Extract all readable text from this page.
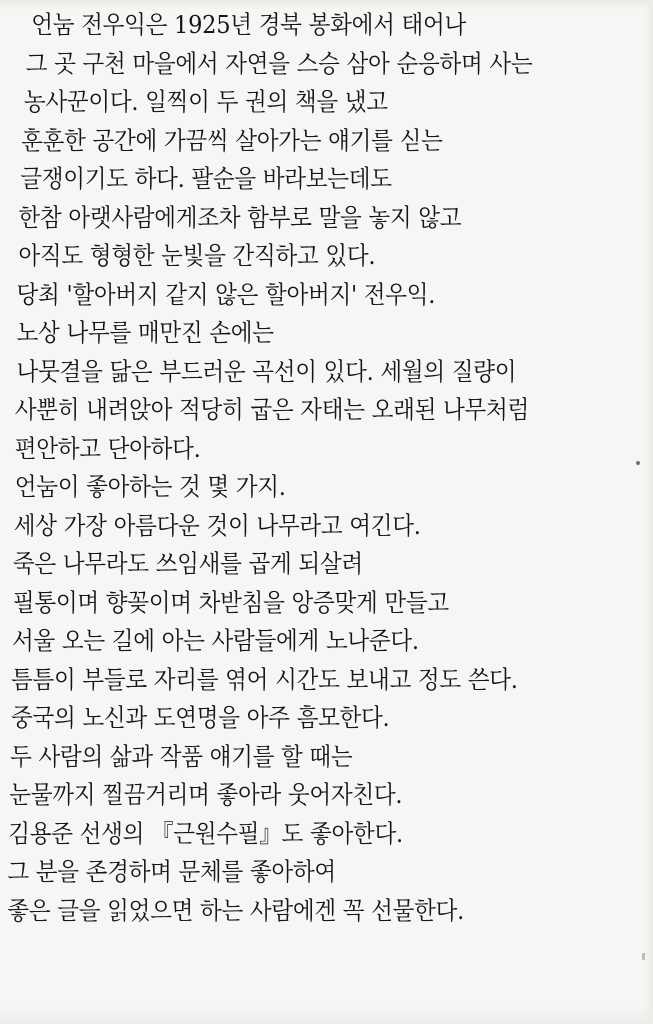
언눔 전우익은 1925년 경북 봉화에서 태어나
그 곳 구천 마을에서 자연을 스승 삼아 순응하며 사는
농사꾼이다. 일찍이 두 권의 책을 냈고
훈훈한 공간에 가끔씩 살아가는 얘기를 싣는
글쟁이기도 하다. 팔순을 바라보는데도
한참 아랫사람에게조차 함부로 말을 놓지 않고
아직도 형형한 눈빛을 간직하고 있다.
당최 '할아버지 같지 않은 할아버지' 전우익.
노상 나무를 매만진 손에는
나뭇결을 닮은 부드러운 곡선이 있다. 세월의 질량이
사뿐히 내려앉아 적당히 굽은 자태는 오래된 나무처럼
편안하고 단아하다.
언눔이 좋아하는 것 몇 가지.
세상 가장 아름다운 것이 나무라고 여긴다.
죽은 나무라도 쓰임새를 곱게 되살려
필통이며 향꽂이며 차받침을 앙증맞게 만들고
서울 오는 길에 아는 사람들에게 노나준다.
틈틈이 부들로 자리를 엮어 시간도 보내고 정도 쓴다.
중국의 노신과 도연명을 아주 흠모한다.
두 사람의 삶과 작품 얘기를 할 때는
눈물까지 찔끔거리며 좋아라 웃어자친다.
김용준 선생의 『근원수필』도 좋아한다.
그 분을 존경하며 문체를 좋아하여
좋은 글을 읽었으면 하는 사람에겐 꼭 선물한다.
